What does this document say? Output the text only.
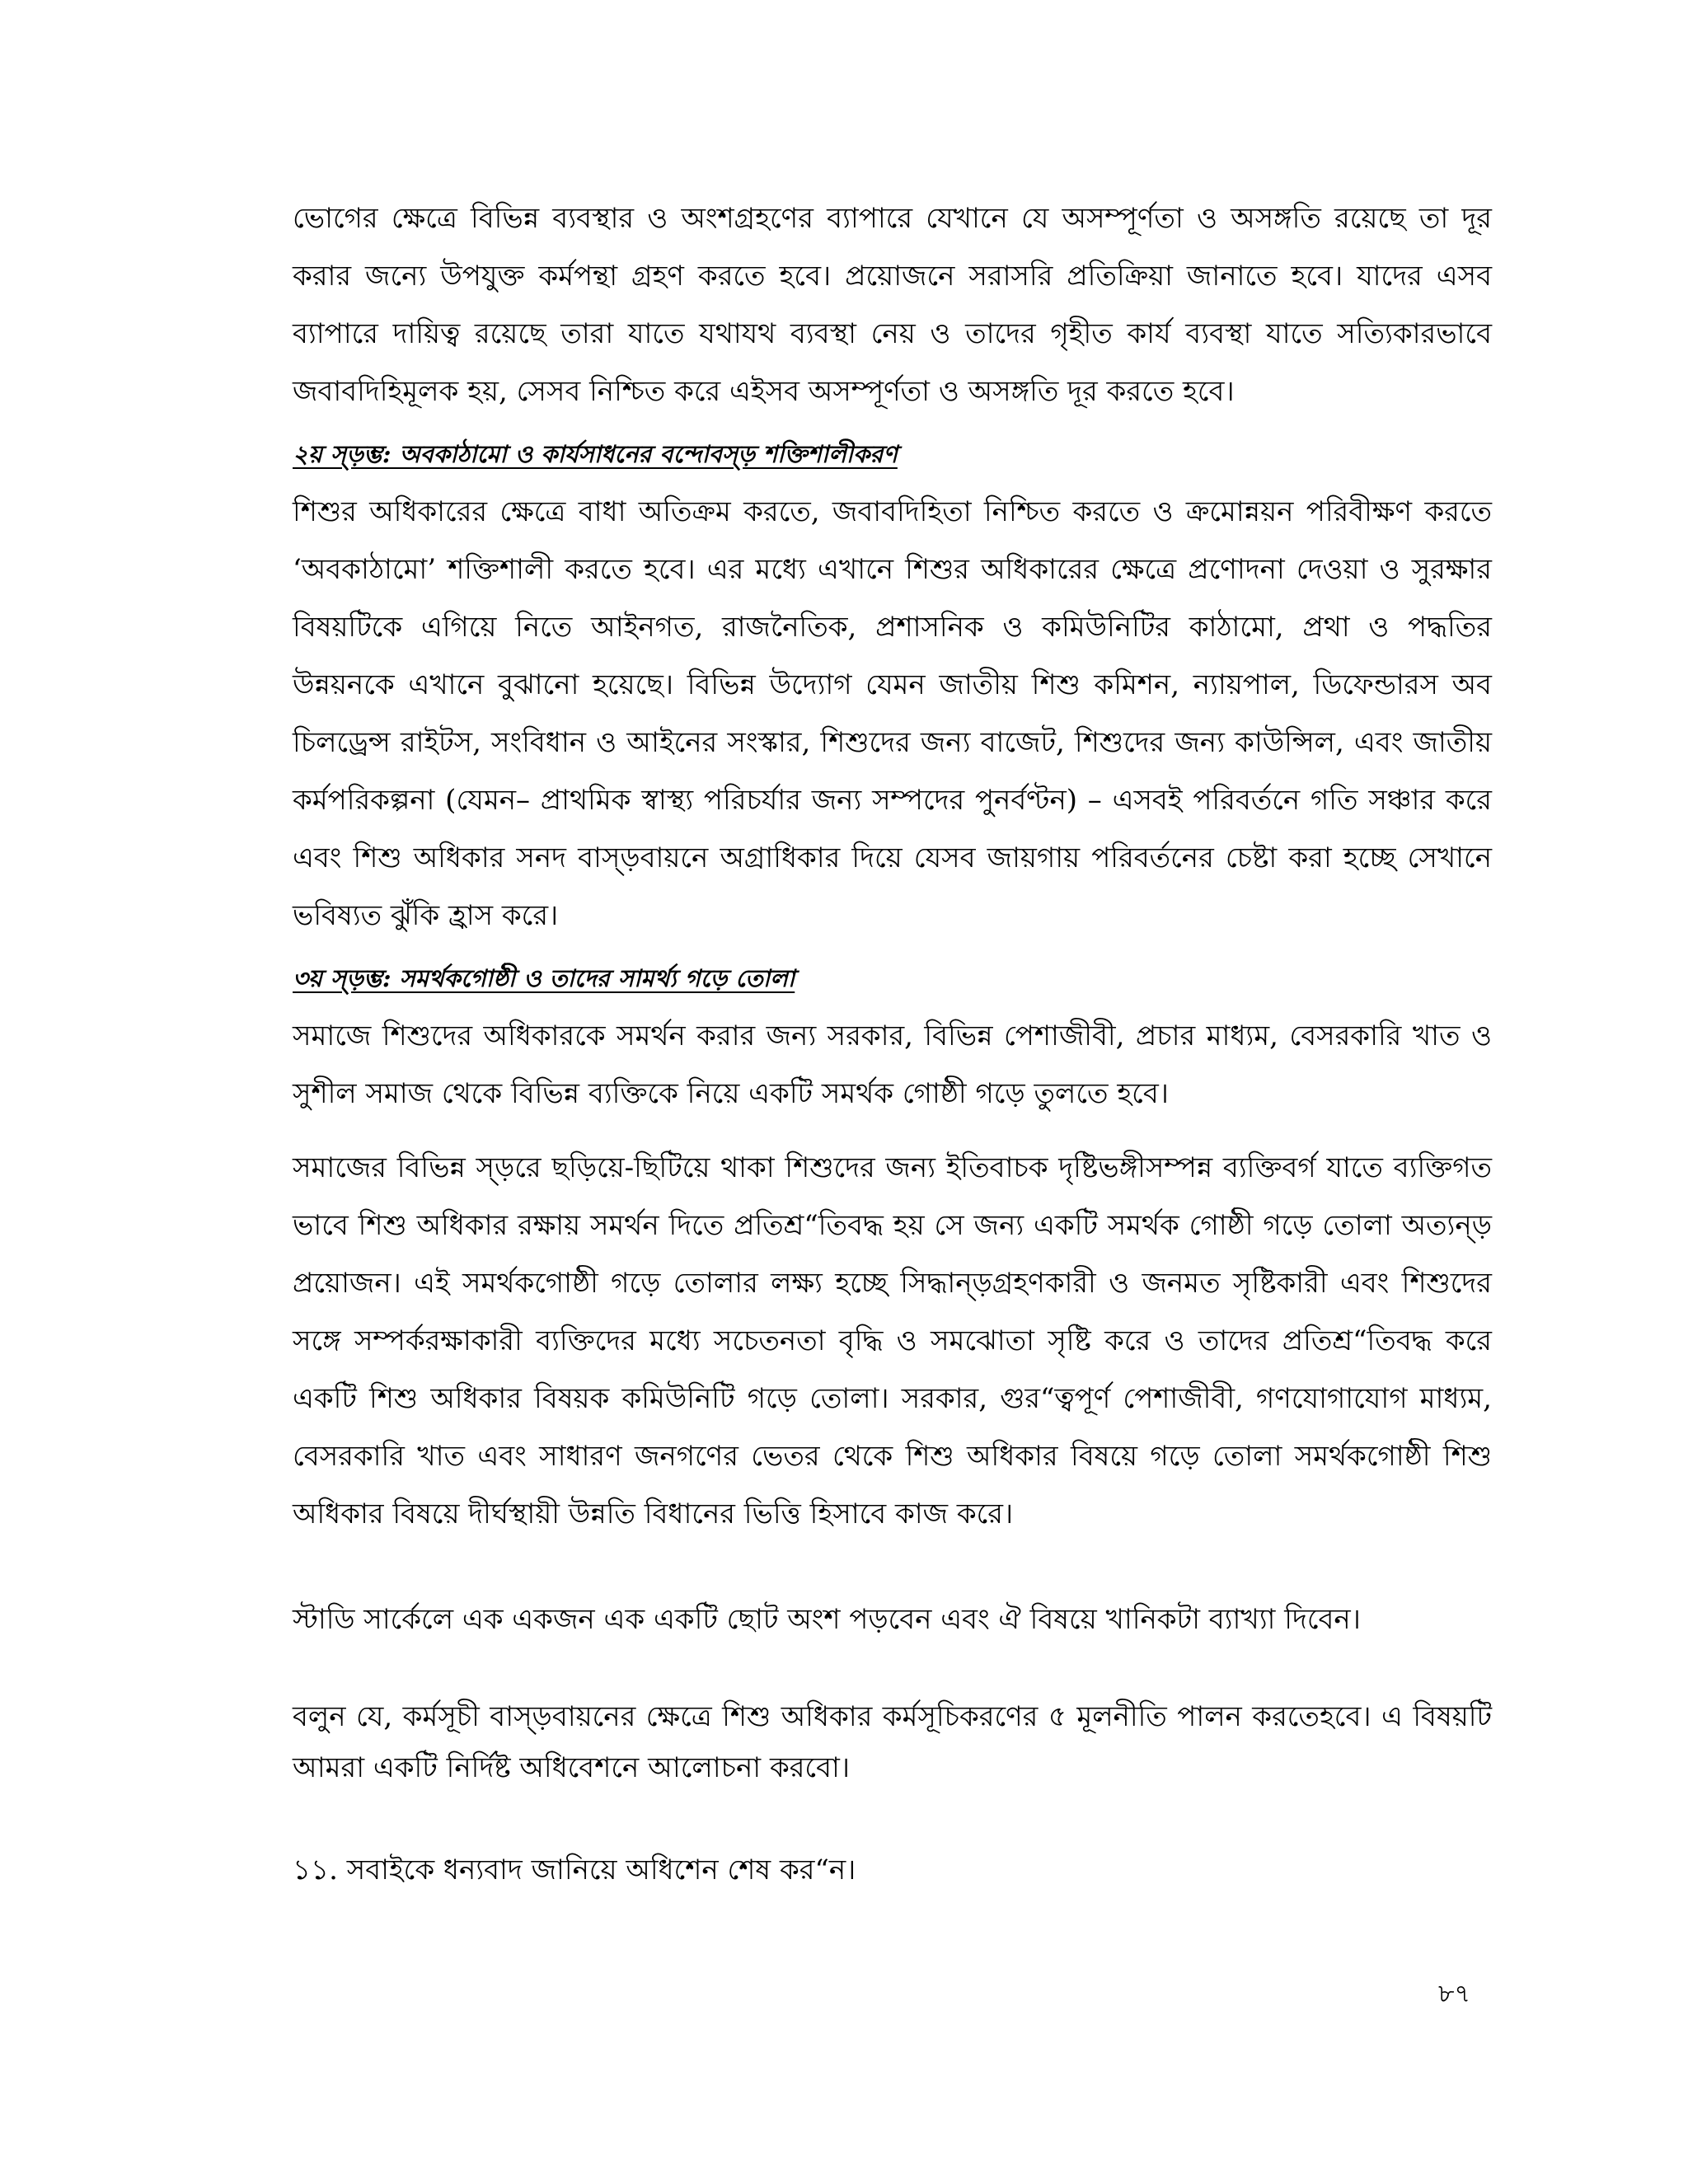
ভোগের ক্ষেত্রে বিভিন্ন ব্যবস্থার ও অংশগ্রহণের ব্যাপারে যেখানে যে অসম্পূর্ণতা ও অসঙ্গতি রয়েছে তা দূর করার জন্যে উপযুক্ত কর্মপন্থা গ্রহণ করতে হবে। প্রয়োজনে সরাসরি প্রতিক্রিয়া জানাতে হবে। যাদের এসব ব্যাপারে দায়িত্ব রয়েছে তারা যাতে যথাযথ ব্যবস্থা নেয় ও তাদের গৃহীত কার্য ব্যবস্থা যাতে সত্যিকারভাবে জবাবদিহিমূলক হয়, সেসব নিশ্চিত করে এইসব অসম্পূর্ণতা ও অসঙ্গতি দূর করতে হবে।

২য় স্ড়ম্ভ: অবকাঠামো ও কার্যসাধনের বন্দোবস্ড় শক্তিশালীকরণ

শিশুর অধিকারের ক্ষেত্রে বাধা অতিক্রম করতে, জবাবদিহিতা নিশ্চিত করতে ও ক্রমোন্নয়ন পরিবীক্ষণ করতে ‘অবকাঠামো’ শক্তিশালী করতে হবে। এর মধ্যে এখানে শিশুর অধিকারের ক্ষেত্রে প্রণোদনা দেওয়া ও সুরক্ষার বিষয়টিকে এগিয়ে নিতে আইনগত, রাজনৈতিক, প্রশাসনিক ও কমিউনিটির কাঠামো, প্রথা ও পদ্ধতির উন্নয়নকে এখানে বুঝানো হয়েছে। বিভিন্ন উদ্যোগ যেমন জাতীয় শিশু কমিশন, ন্যায়পাল, ডিফেন্ডারস অব চিলড্রেন্স রাইটস, সংবিধান ও আইনের সংস্কার, শিশুদের জন্য বাজেট, শিশুদের জন্য কাউন্সিল, এবং জাতীয় কর্মপরিকল্পনা (যেমন– প্রাথমিক স্বাস্থ্য পরিচর্যার জন্য সম্পদের পুনর্বণ্টন) – এসবই পরিবর্তনে গতি সঞ্চার করে এবং শিশু অধিকার সনদ বাস্ড়বায়নে অগ্রাধিকার দিয়ে যেসব জায়গায় পরিবর্তনের চেষ্টা করা হচ্ছে সেখানে ভবিষ্যত ঝুঁকি হ্রাস করে।

৩য় স্ড়ম্ভ: সমর্থকগোষ্ঠী ও তাদের সামর্থ্য গড়ে তোলা

সমাজে শিশুদের অধিকারকে সমর্থন করার জন্য সরকার, বিভিন্ন পেশাজীবী, প্রচার মাধ্যম, বেসরকারি খাত ও সুশীল সমাজ থেকে বিভিন্ন ব্যক্তিকে নিয়ে একটি সমর্থক গোষ্ঠী গড়ে তুলতে হবে।

সমাজের বিভিন্ন স্ড়রে ছড়িয়ে-ছিটিয়ে থাকা শিশুদের জন্য ইতিবাচক দৃষ্টিভঙ্গীসম্পন্ন ব্যক্তিবর্গ যাতে ব্যক্তিগত ভাবে শিশু অধিকার রক্ষায় সমর্থন দিতে প্রতিশ্র“তিবদ্ধ হয় সে জন্য একটি সমর্থক গোষ্ঠী গড়ে তোলা অত্যন্ড় প্রয়োজন। এই সমর্থকগোষ্ঠী গড়ে তোলার লক্ষ্য হচ্ছে সিদ্ধান্ড়গ্রহণকারী ও জনমত সৃষ্টিকারী এবং শিশুদের সঙ্গে সম্পর্করক্ষাকারী ব্যক্তিদের মধ্যে সচেতনতা বৃদ্ধি ও সমঝোতা সৃষ্টি করে ও তাদের প্রতিশ্র“তিবদ্ধ করে একটি শিশু অধিকার বিষয়ক কমিউনিটি গড়ে তোলা। সরকার, গুর“ত্বপূর্ণ পেশাজীবী, গণযোগাযোগ মাধ্যম, বেসরকারি খাত এবং সাধারণ জনগণের ভেতর থেকে শিশু অধিকার বিষয়ে গড়ে তোলা সমর্থকগোষ্ঠী শিশু অধিকার বিষয়ে দীর্ঘস্থায়ী উন্নতি বিধানের ভিত্তি হিসাবে কাজ করে।

স্টাডি সার্কেলে এক একজন এক একটি ছোট অংশ পড়বেন এবং ঐ বিষয়ে খানিকটা ব্যাখ্যা দিবেন।

বলুন যে, কর্মসূচী বাস্ড়বায়নের ক্ষেত্রে শিশু অধিকার কর্মসূচিকরণের ৫ মূলনীতি পালন করতেহবে। এ বিষয়টি আমরা একটি নির্দিষ্ট অধিবেশনে আলোচনা করবো।

১১. সবাইকে ধন্যবাদ জানিয়ে অধিশেন শেষ কর“ন।

৮৭
